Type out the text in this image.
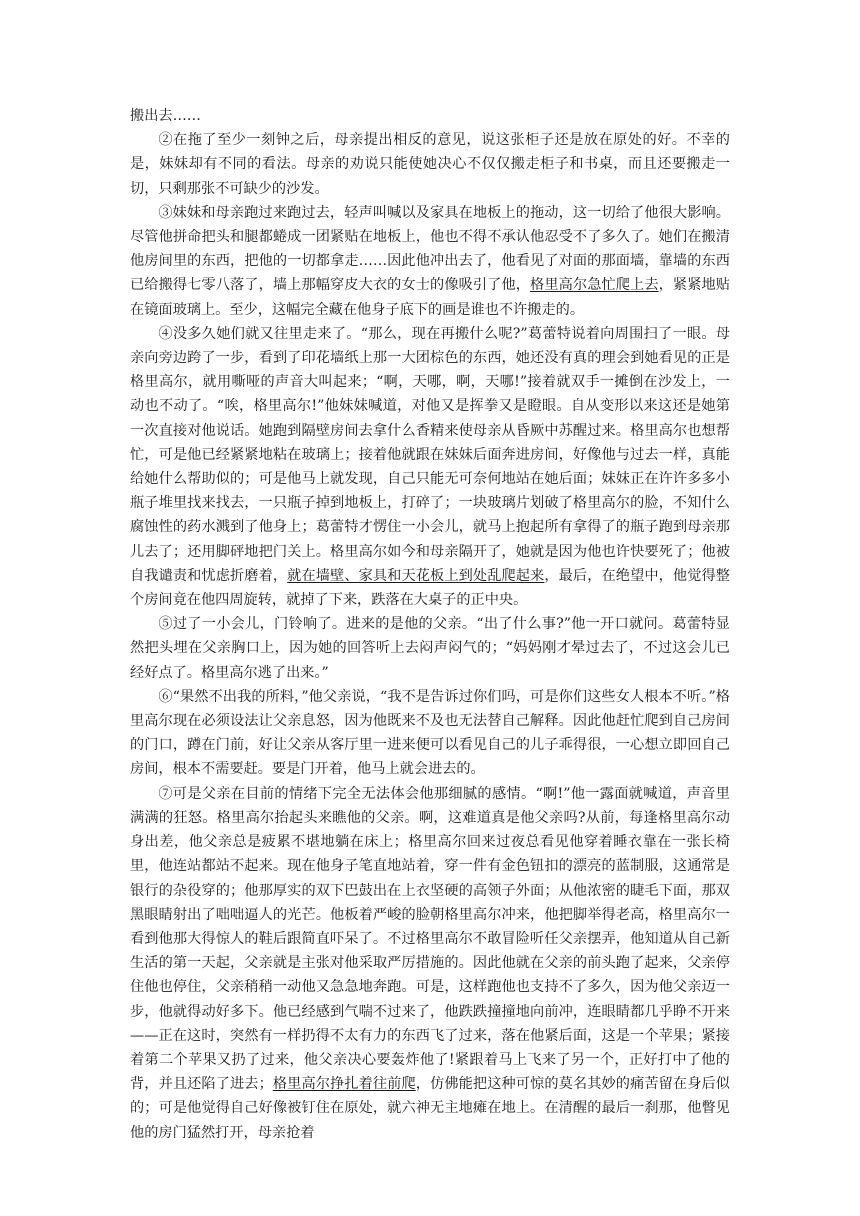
搬出去……

②在拖了至少一刻钟之后，母亲提出相反的意见，说这张柜子还是放在原处的好。不幸的是，妹妹却有不同的看法。母亲的劝说只能使她决心不仅仅搬走柜子和书桌，而且还要搬走一切，只剩那张不可缺少的沙发。

③妹妹和母亲跑过来跑过去，轻声叫喊以及家具在地板上的拖动，这一切给了他很大影响。尽管他拼命把头和腿都蜷成一团紧贴在地板上，他也不得不承认他忍受不了多久了。她们在搬清他房间里的东西，把他的一切都拿走……因此他冲出去了，他看见了对面的那面墙，靠墙的东西已给搬得七零八落了，墙上那幅穿皮大衣的女士的像吸引了他，格里高尔急忙爬上去，紧紧地贴在镜面玻璃上。至少，这幅完全藏在他身子底下的画是谁也不许搬走的。

④没多久她们就又往里走来了。“那么，现在再搬什么呢?”葛蕾特说着向周围扫了一眼。母亲向旁边跨了一步，看到了印花墙纸上那一大团棕色的东西，她还没有真的理会到她看见的正是格里高尔，就用嘶哑的声音大叫起来；“啊，天哪，啊，天哪!”接着就双手一摊倒在沙发上，一动也不动了。“唉，格里高尔!”他妹妹喊道，对他又是挥拳又是瞪眼。自从变形以来这还是她第一次直接对他说话。她跑到隔壁房间去拿什么香精来使母亲从昏厥中苏醒过来。格里高尔也想帮忙，可是他已经紧紧地粘在玻璃上；接着他就跟在妹妹后面奔进房间，好像他与过去一样，真能给她什么帮助似的；可是他马上就发现，自己只能无可奈何地站在她后面；妹妹正在许许多多小瓶子堆里找来找去，一只瓶子掉到地板上，打碎了；一块玻璃片划破了格里高尔的脸，不知什么腐蚀性的药水溅到了他身上；葛蕾特才愣住一小会儿，就马上抱起所有拿得了的瓶子跑到母亲那儿去了；还用脚砰地把门关上。格里高尔如今和母亲隔开了，她就是因为他也许快要死了；他被自我谴责和忧虑折磨着，就在墙壁、家具和天花板上到处乱爬起来，最后，在绝望中，他觉得整个房间竟在他四周旋转，就掉了下来，跌落在大桌子的正中央。

⑤过了一小会儿，门铃响了。进来的是他的父亲。“出了什么事?”他一开口就问。葛蕾特显然把头埋在父亲胸口上，因为她的回答听上去闷声闷气的；“妈妈刚才晕过去了，不过这会儿已经好点了。格里高尔逃了出来。”

⑥“果然不出我的所料，”他父亲说，“我不是告诉过你们吗，可是你们这些女人根本不听。”格里高尔现在必须设法让父亲息怒，因为他既来不及也无法替自己解释。因此他赶忙爬到自己房间的门口，蹲在门前，好让父亲从客厅里一进来便可以看见自己的儿子乖得很，一心想立即回自己房间，根本不需要赶。要是门开着，他马上就会进去的。

⑦可是父亲在目前的情绪下完全无法体会他那细腻的感情。“啊!”他一露面就喊道，声音里满满的狂怒。格里高尔抬起头来瞧他的父亲。啊，这难道真是他父亲吗?从前，每逢格里高尔动身出差，他父亲总是疲累不堪地躺在床上；格里高尔回来过夜总看见他穿着睡衣靠在一张长椅里，他连站都站不起来。现在他身子笔直地站着，穿一件有金色钮扣的漂亮的蓝制服，这通常是银行的杂役穿的；他那厚实的双下巴鼓出在上衣坚硬的高领子外面；从他浓密的睫毛下面，那双黑眼睛射出了咄咄逼人的光芒。他板着严峻的脸朝格里高尔冲来，他把脚举得老高，格里高尔一看到他那大得惊人的鞋后跟简直吓呆了。不过格里高尔不敢冒险听任父亲摆弄，他知道从自己新生活的第一天起，父亲就是主张对他采取严厉措施的。因此他就在父亲的前头跑了起来，父亲停住他也停住，父亲稍稍一动他又急急地奔跑。可是，这样跑他也支持不了多久，因为他父亲迈一步，他就得动好多下。他已经感到气喘不过来了，他跌跌撞撞地向前冲，连眼睛都几乎睁不开来——正在这时，突然有一样扔得不太有力的东西飞了过来，落在他紧后面，这是一个苹果；紧接着第二个苹果又扔了过来，他父亲决心要轰炸他了!紧跟着马上飞来了另一个，正好打中了他的背，并且还陷了进去；格里高尔挣扎着往前爬，仿佛能把这种可惊的莫名其妙的痛苦留在身后似的；可是他觉得自己好像被钉住在原处，就六神无主地瘫在地上。在清醒的最后一刹那，他瞥见他的房门猛然打开，母亲抢着
